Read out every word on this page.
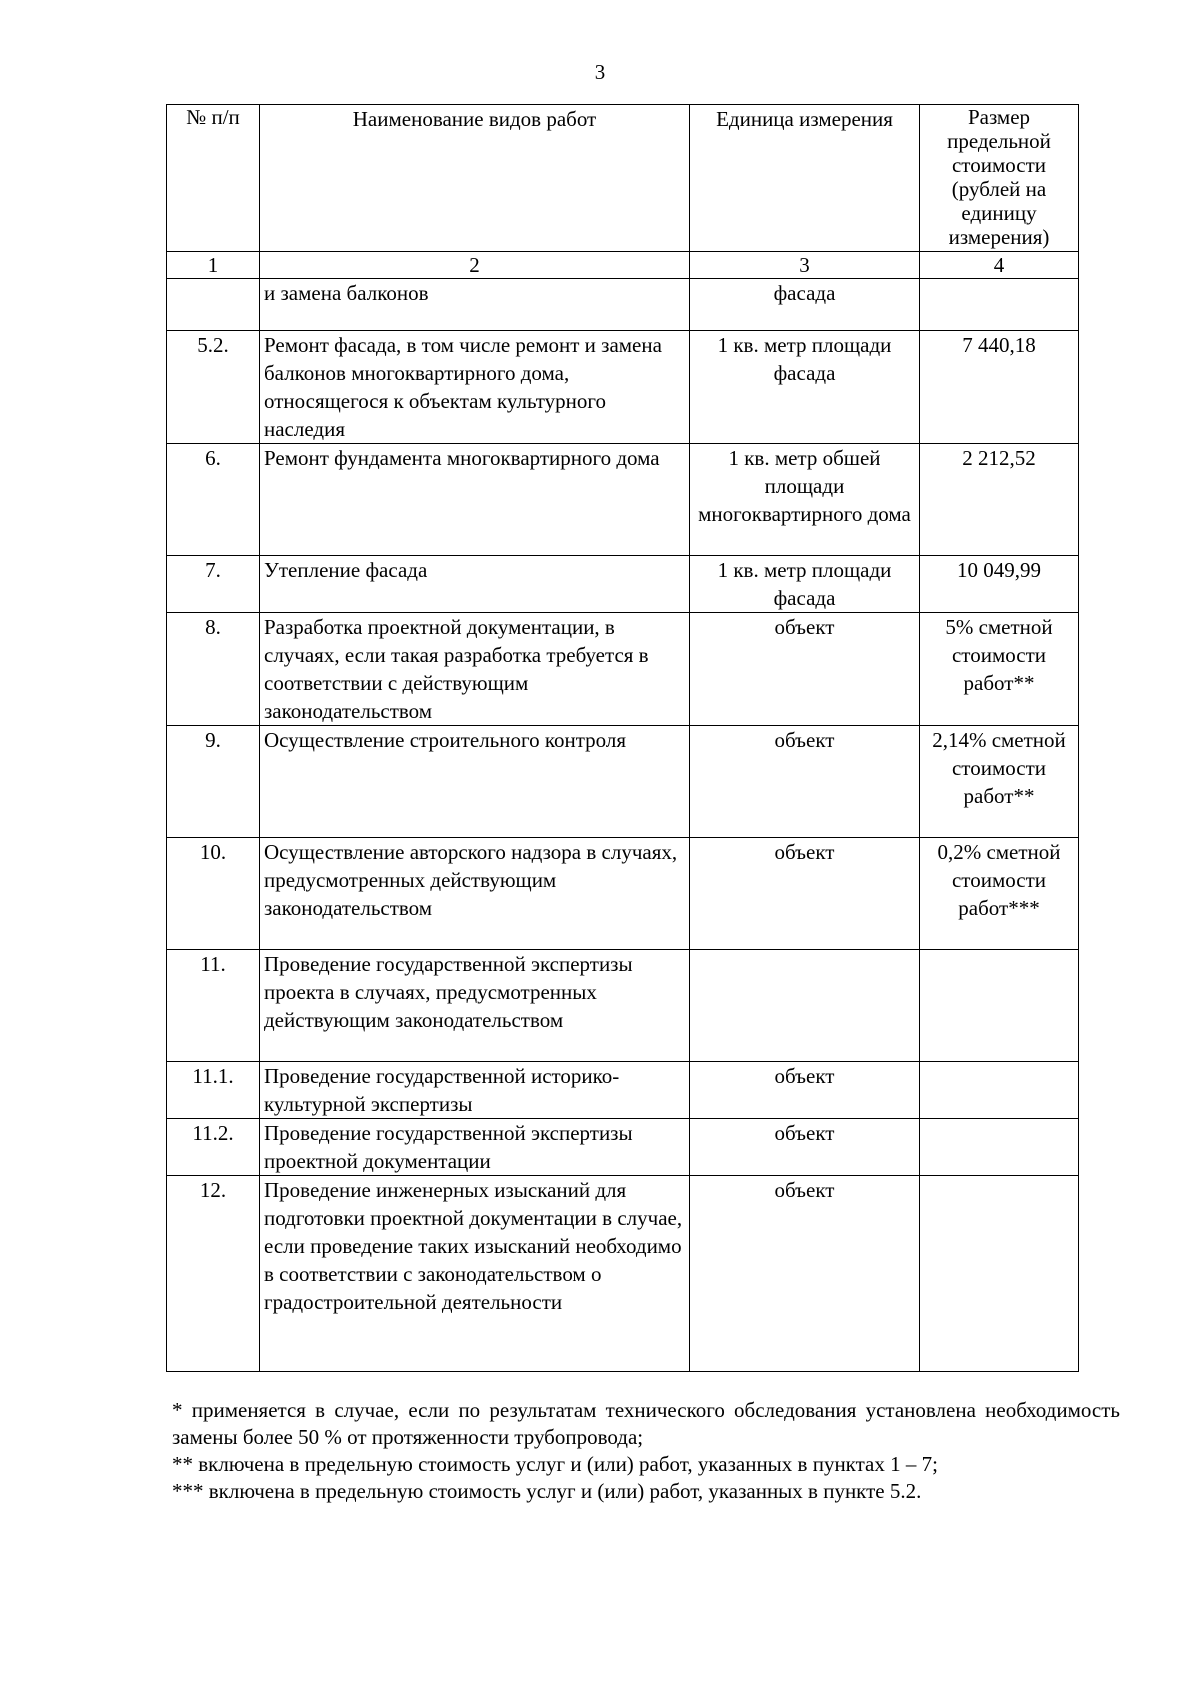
3
№ п/п	Наименование видов работ	Единица измерения	Размер предельной стоимости (рублей на единицу измерения)
1	2	3	4
	и замена балконов	фасада	
5.2.	Ремонт фасада, в том числе ремонт и замена балконов многоквартирного дома, относящегося к объектам культурного наследия	1 кв. метр площади фасада	7 440,18
6.	Ремонт фундамента многоквартирного дома	1 кв. метр обшей площади многоквартирного дома	2 212,52
7.	Утепление фасада	1 кв. метр площади фасада	10 049,99
8.	Разработка проектной документации, в случаях, если такая разработка требуется в соответствии с действующим законодательством	объект	5% сметной стоимости работ**
9.	Осуществление строительного контроля	объект	2,14% сметной стоимости работ**
10.	Осуществление авторского надзора в случаях, предусмотренных действующим законодательством	объект	0,2% сметной стоимости работ***
11.	Проведение государственной экспертизы проекта в случаях, предусмотренных действующим законодательством		
11.1.	Проведение государственной историко-культурной экспертизы	объект	
11.2.	Проведение государственной экспертизы проектной документации	объект	
12.	Проведение инженерных изысканий для подготовки проектной документации в случае, если проведение таких изысканий необходимо в соответствии с законодательством о градостроительной деятельности	объект	

* применяется в случае, если по результатам технического обследования установлена необходимость замены более 50 % от протяженности трубопровода;

** включена в предельную стоимость услуг и (или) работ, указанных в пунктах 1 – 7;

*** включена в предельную стоимость услуг и (или) работ, указанных в пункте 5.2.
